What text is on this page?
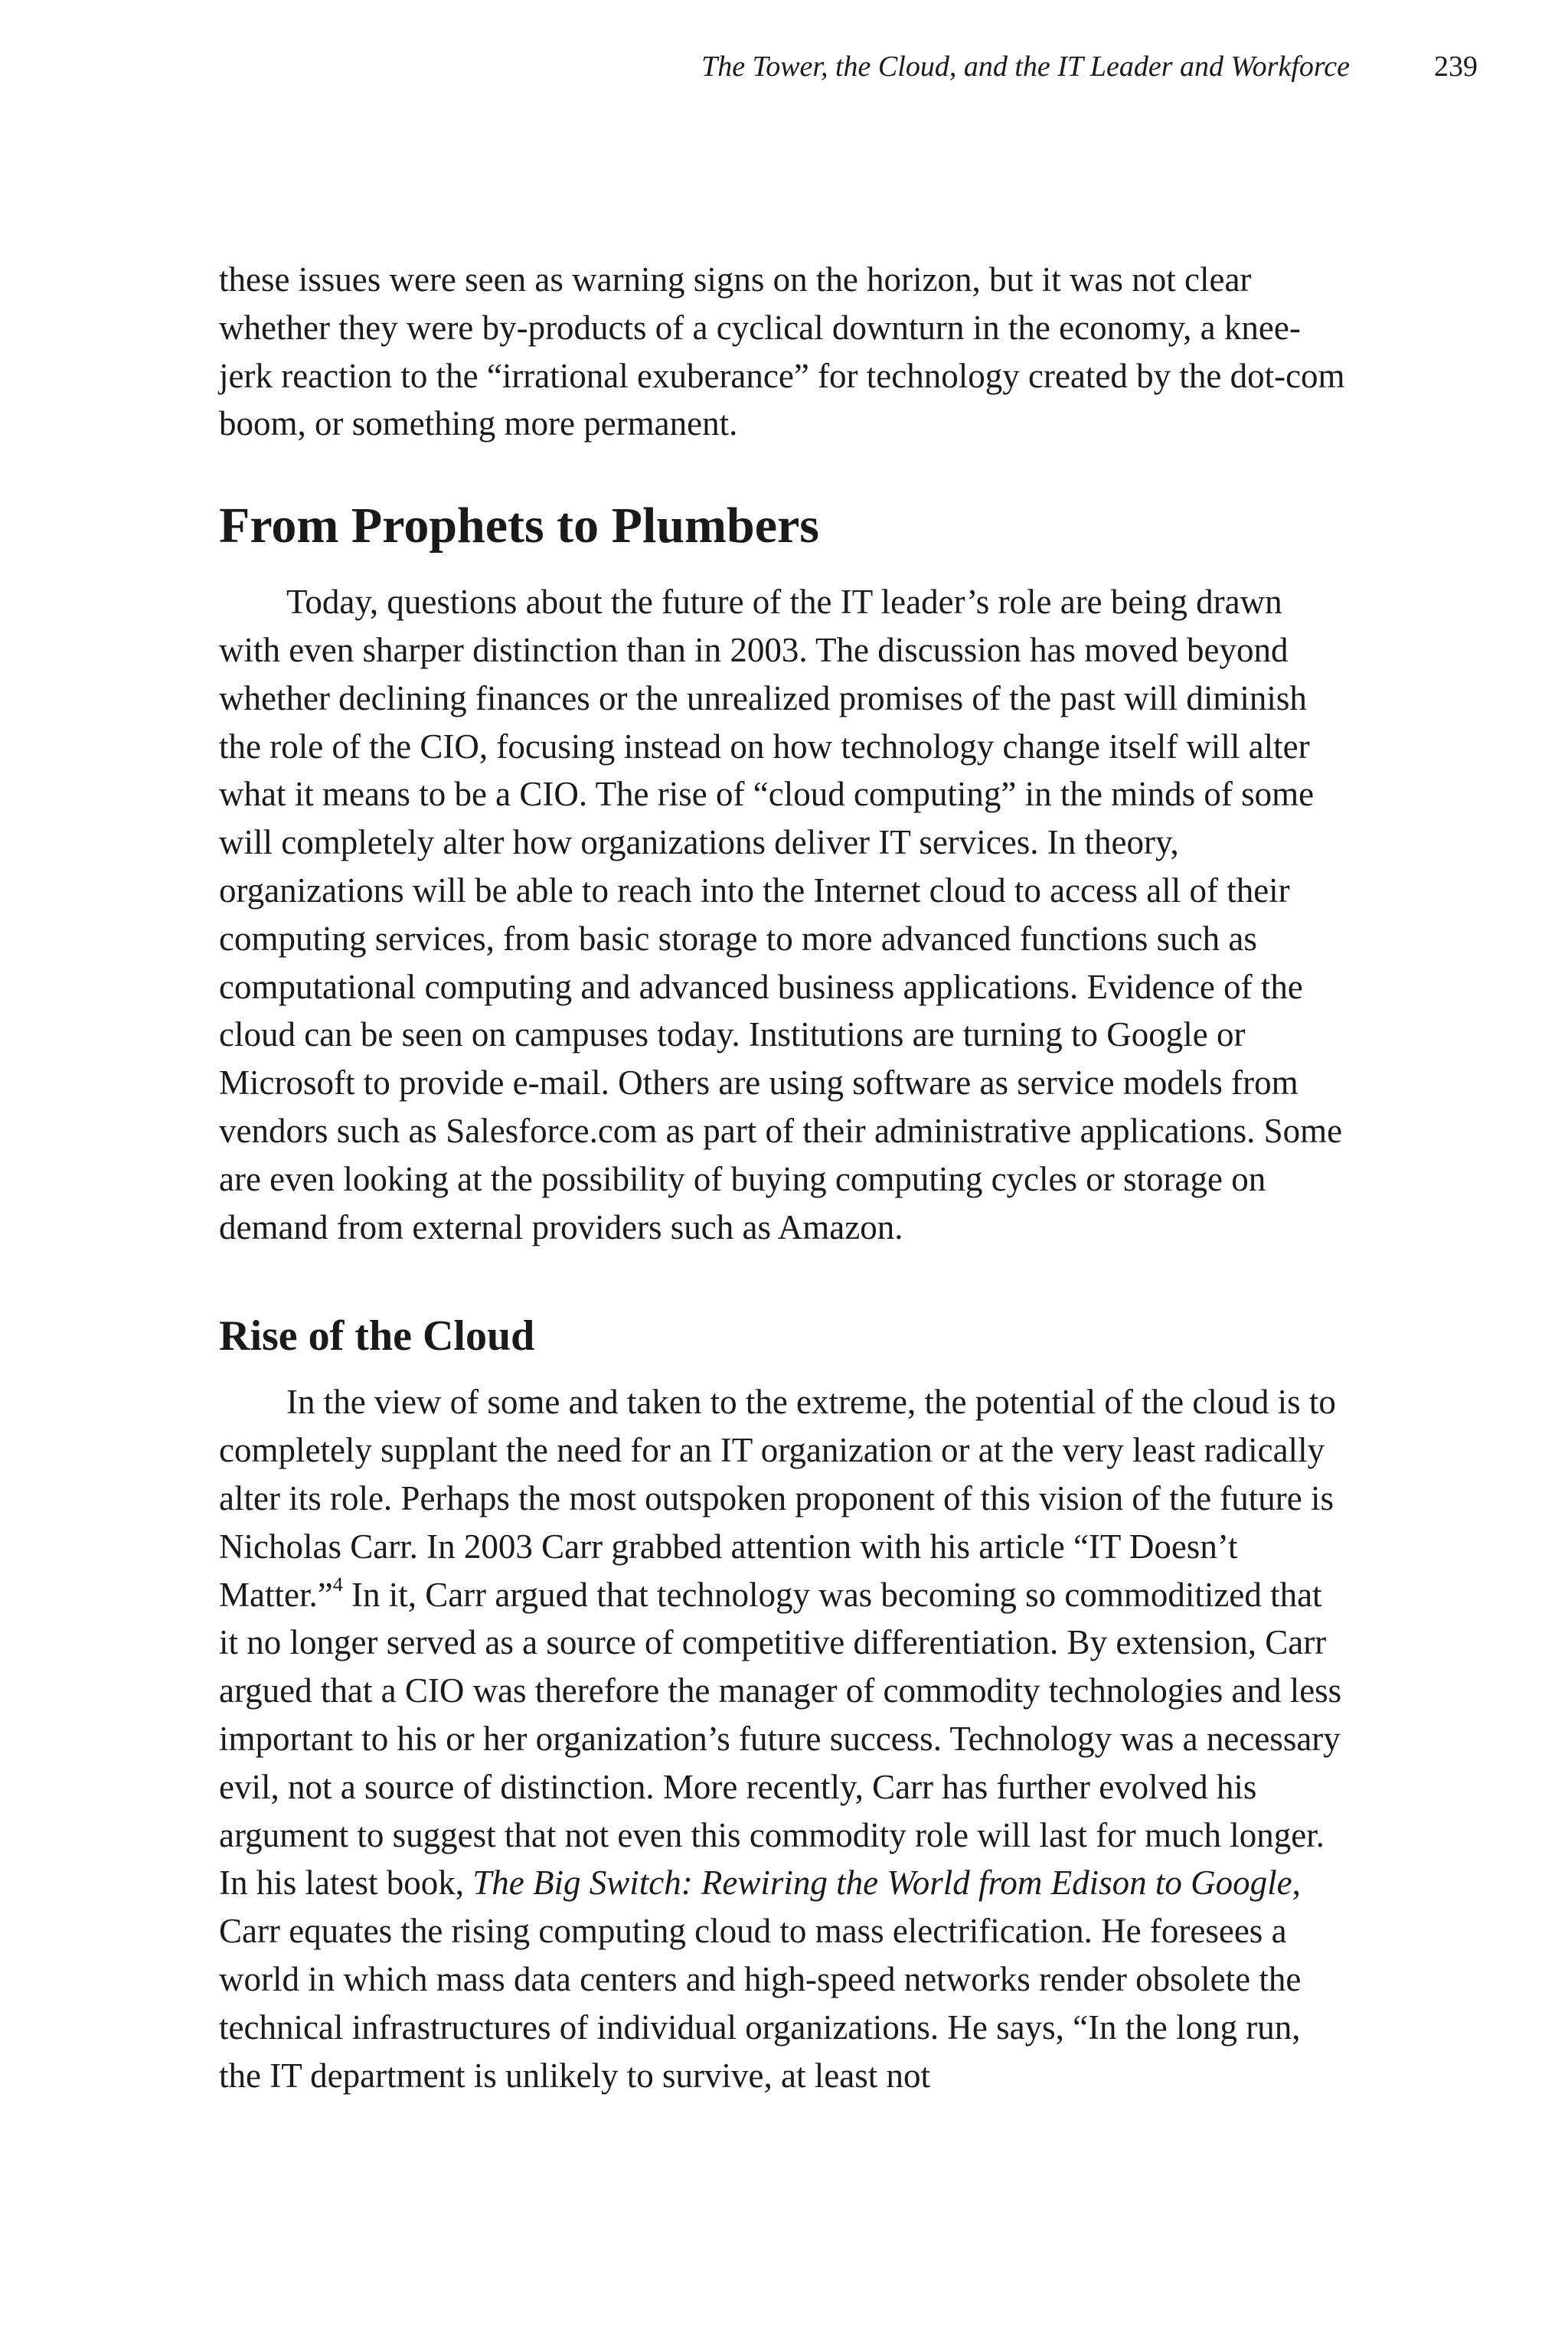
The Tower, the Cloud, and the IT Leader and Workforce	239

these issues were seen as warning signs on the horizon, but it was not clear whether they were by-products of a cyclical downturn in the economy, a knee-jerk reaction to the “irrational exuberance” for technology created by the dot-com boom, or something more permanent.

From Prophets to Plumbers

Today, questions about the future of the IT leader’s role are being drawn with even sharper distinction than in 2003. The discussion has moved beyond whether declining finances or the unrealized promises of the past will diminish the role of the CIO, focusing instead on how technology change itself will alter what it means to be a CIO. The rise of “cloud computing” in the minds of some will completely alter how organizations deliver IT services. In theory, organizations will be able to reach into the Internet cloud to access all of their computing services, from basic storage to more advanced functions such as computational computing and advanced business applications. Evidence of the cloud can be seen on campuses today. Institutions are turning to Google or Microsoft to provide e-mail. Others are using software as service models from vendors such as Salesforce.com as part of their administrative applications. Some are even looking at the possibility of buying computing cycles or storage on demand from external providers such as Amazon.

Rise of the Cloud

In the view of some and taken to the extreme, the potential of the cloud is to completely supplant the need for an IT organization or at the very least radically alter its role. Perhaps the most outspoken proponent of this vision of the future is Nicholas Carr. In 2003 Carr grabbed attention with his article “IT Doesn’t Matter.”$^4$ In it, Carr argued that technology was becoming so commoditized that it no longer served as a source of competitive differentiation. By extension, Carr argued that a CIO was therefore the manager of commodity technologies and less important to his or her organization’s future success. Technology was a necessary evil, not a source of distinction. More recently, Carr has further evolved his argument to suggest that not even this commodity role will last for much longer. In his latest book, The Big Switch: Rewiring the World from Edison to Google, Carr equates the rising computing cloud to mass electrification. He foresees a world in which mass data centers and high-speed networks render obsolete the technical infrastructures of individual organizations. He says, “In the long run, the IT department is unlikely to survive, at least not
